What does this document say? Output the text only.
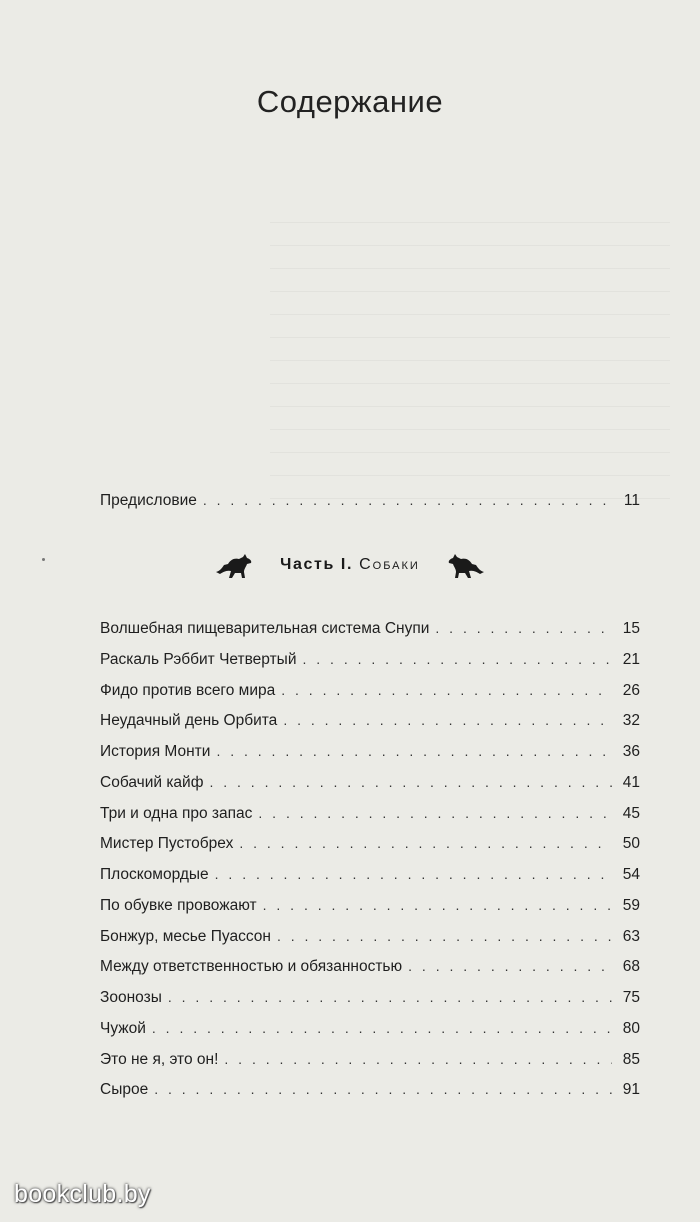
Содержание
Предисловие . . .	11
Часть I. Собаки
Волшебная пищеварительная система Снупи . . .	15
Раскаль Рэббит Четвертый . . .	21
Фидо против всего мира . . .	26
Неудачный день Орбита . . .	32
История Монти . . .	36
Собачий кайф . . .	41
Три и одна про запас . . .	45
Мистер Пустобрех . . .	50
Плоскомордые . . .	54
По обувке провожают . . .	59
Бонжур, месье Пуассон . . .	63
Между ответственностью и обязанностью . . .	68
Зоонозы . . .	75
Чужой . . .	80
Это не я, это он! . . .	85
Сырое . . .	91
bookclub.by
